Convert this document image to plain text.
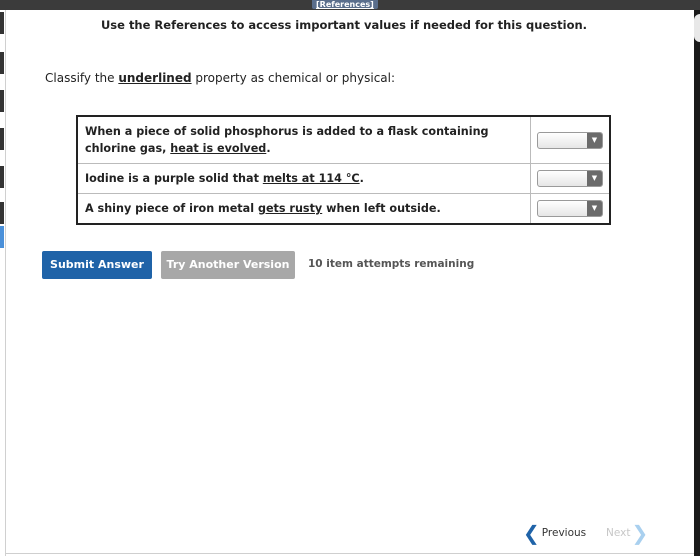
[References]
Use the References to access important values if needed for this question.
Classify the underlined property as chemical or physical:
When a piece of solid phosphorus is added to a flask containing chlorine gas, heat is evolved.	▼

Iodine is a purple solid that melts at 114 °C.	▼

A shiny piece of iron metal gets rusty when left outside.	▼
Submit Answer	Try Another Version	10 item attempts remaining
❮ Previous Next ❯
